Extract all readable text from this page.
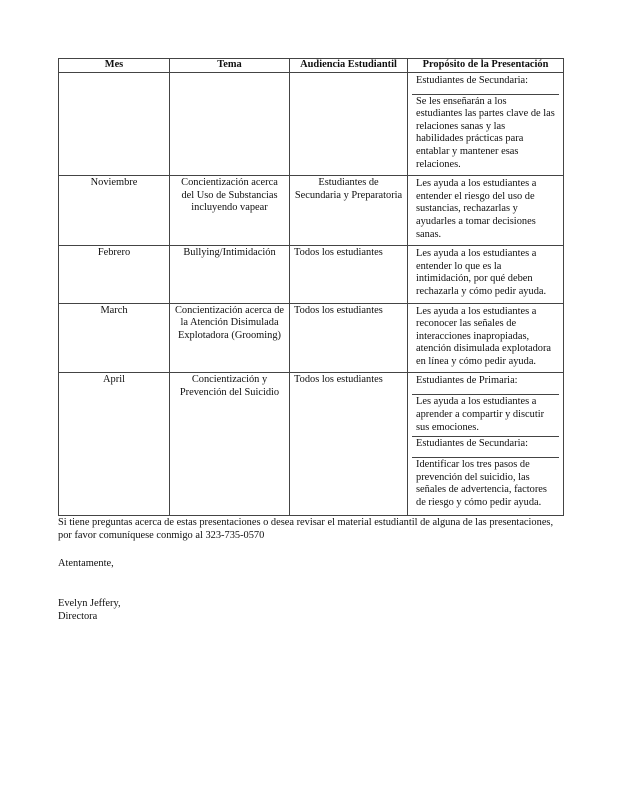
Mes	Tema	Audiencia Estudiantil	Propósito de la Presentación

			Estudiantes de Secundaria:
Se les enseñarán a los estudiantes las partes clave de las relaciones sanas y las habilidades prácticas para entablar y mantener esas relaciones.

Noviembre	Concientización acerca del Uso de Substancias incluyendo vapear	Estudiantes de Secundaria y Preparatoria	Les ayuda a los estudiantes a entender el riesgo del uso de sustancias, rechazarlas y ayudarles a tomar decisiones sanas.

Febrero	Bullying/Intimidación	Todos los estudiantes	Les ayuda a los estudiantes a entender lo que es la intimidación, por qué deben rechazarla y cómo pedir ayuda.

March	Concientización acerca de la Atención Disimulada Explotadora (Grooming)	Todos los estudiantes	Les ayuda a los estudiantes a reconocer las señales de interacciones inapropiadas, atención disimulada explotadora en línea y cómo pedir ayuda.

April	Concientización y Prevención del Suicidio	Todos los estudiantes	Estudiantes de Primaria:
Les ayuda a los estudiantes a aprender a compartir y discutir sus emociones.
Estudiantes de Secundaria:
Identificar los tres pasos de prevención del suicidio, las señales de advertencia, factores de riesgo y cómo pedir ayuda.

Si tiene preguntas acerca de estas presentaciones o desea revisar el material estudiantil de alguna de las presentaciones, por favor comuníquese conmigo al 323-735-0570

Atentamente,

Evelyn Jeffery,

Directora
